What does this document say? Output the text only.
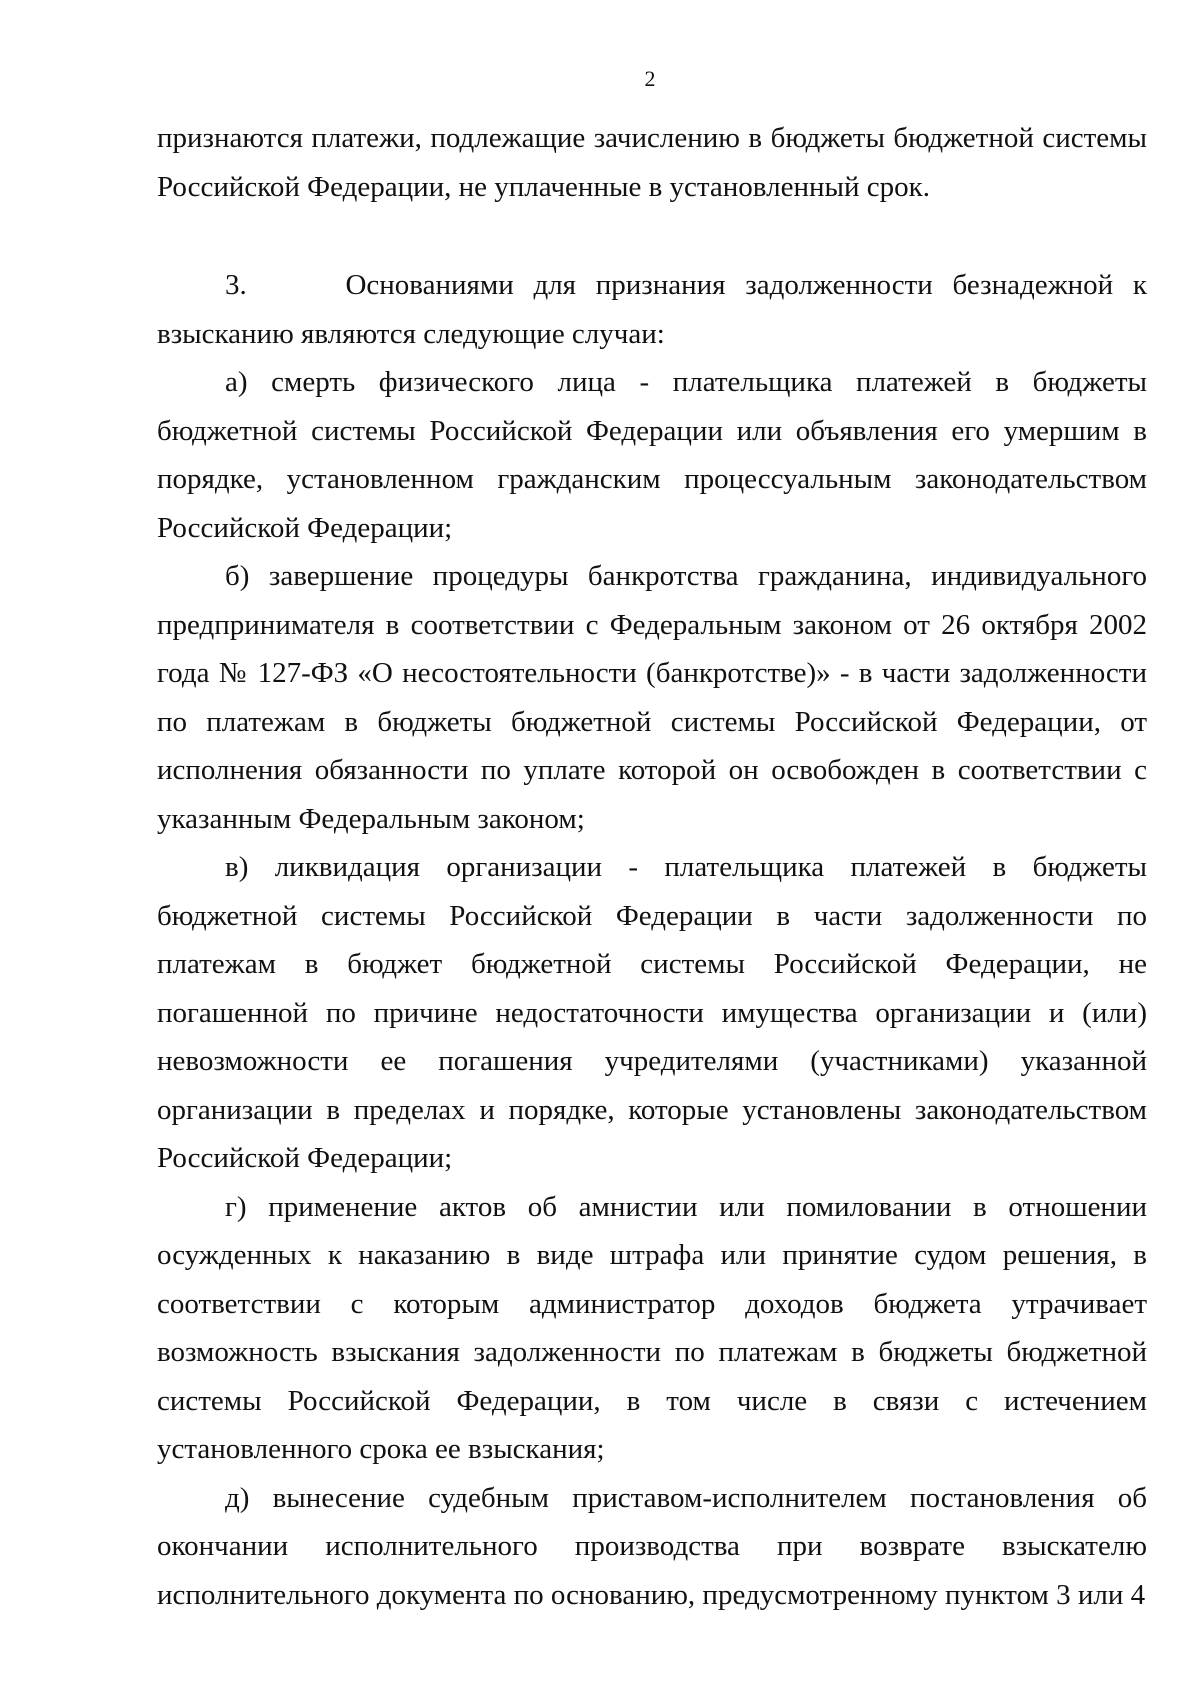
2

признаются платежи, подлежащие зачислению в бюджеты бюджетной системы Российской Федерации, не уплаченные в установленный срок.

3.     Основаниями для признания задолженности безнадежной к взысканию являются следующие случаи:

а) смерть физического лица - плательщика платежей в бюджеты бюджетной системы Российской Федерации или объявления его умершим в порядке, установленном гражданским процессуальным законодательством Российской Федерации;

б) завершение процедуры банкротства гражданина, индивидуального предпринимателя в соответствии с Федеральным законом от 26 октября 2002 года № 127-ФЗ «О несостоятельности (банкротстве)» - в части задолженности по платежам в бюджеты бюджетной системы Российской Федерации, от исполнения обязанности по уплате которой он освобожден в соответствии с указанным Федеральным законом;

в) ликвидация организации - плательщика платежей в бюджеты бюджетной системы Российской Федерации в части задолженности по платежам в бюджет бюджетной системы Российской Федерации, не погашенной по причине недостаточности имущества организации и (или) невозможности ее погашения учредителями (участниками) указанной организации в пределах и порядке, которые установлены законодательством Российской Федерации;

г) применение актов об амнистии или помиловании в отношении осужденных к наказанию в виде штрафа или принятие судом решения, в соответствии с которым администратор доходов бюджета утрачивает возможность взыскания задолженности по платежам в бюджеты бюджетной системы Российской Федерации, в том числе в связи с истечением установленного срока ее взыскания;

д) вынесение судебным приставом-исполнителем постановления об окончании исполнительного производства при возврате взыскателю исполнительного документа по основанию, предусмотренному пунктом 3 или 4
